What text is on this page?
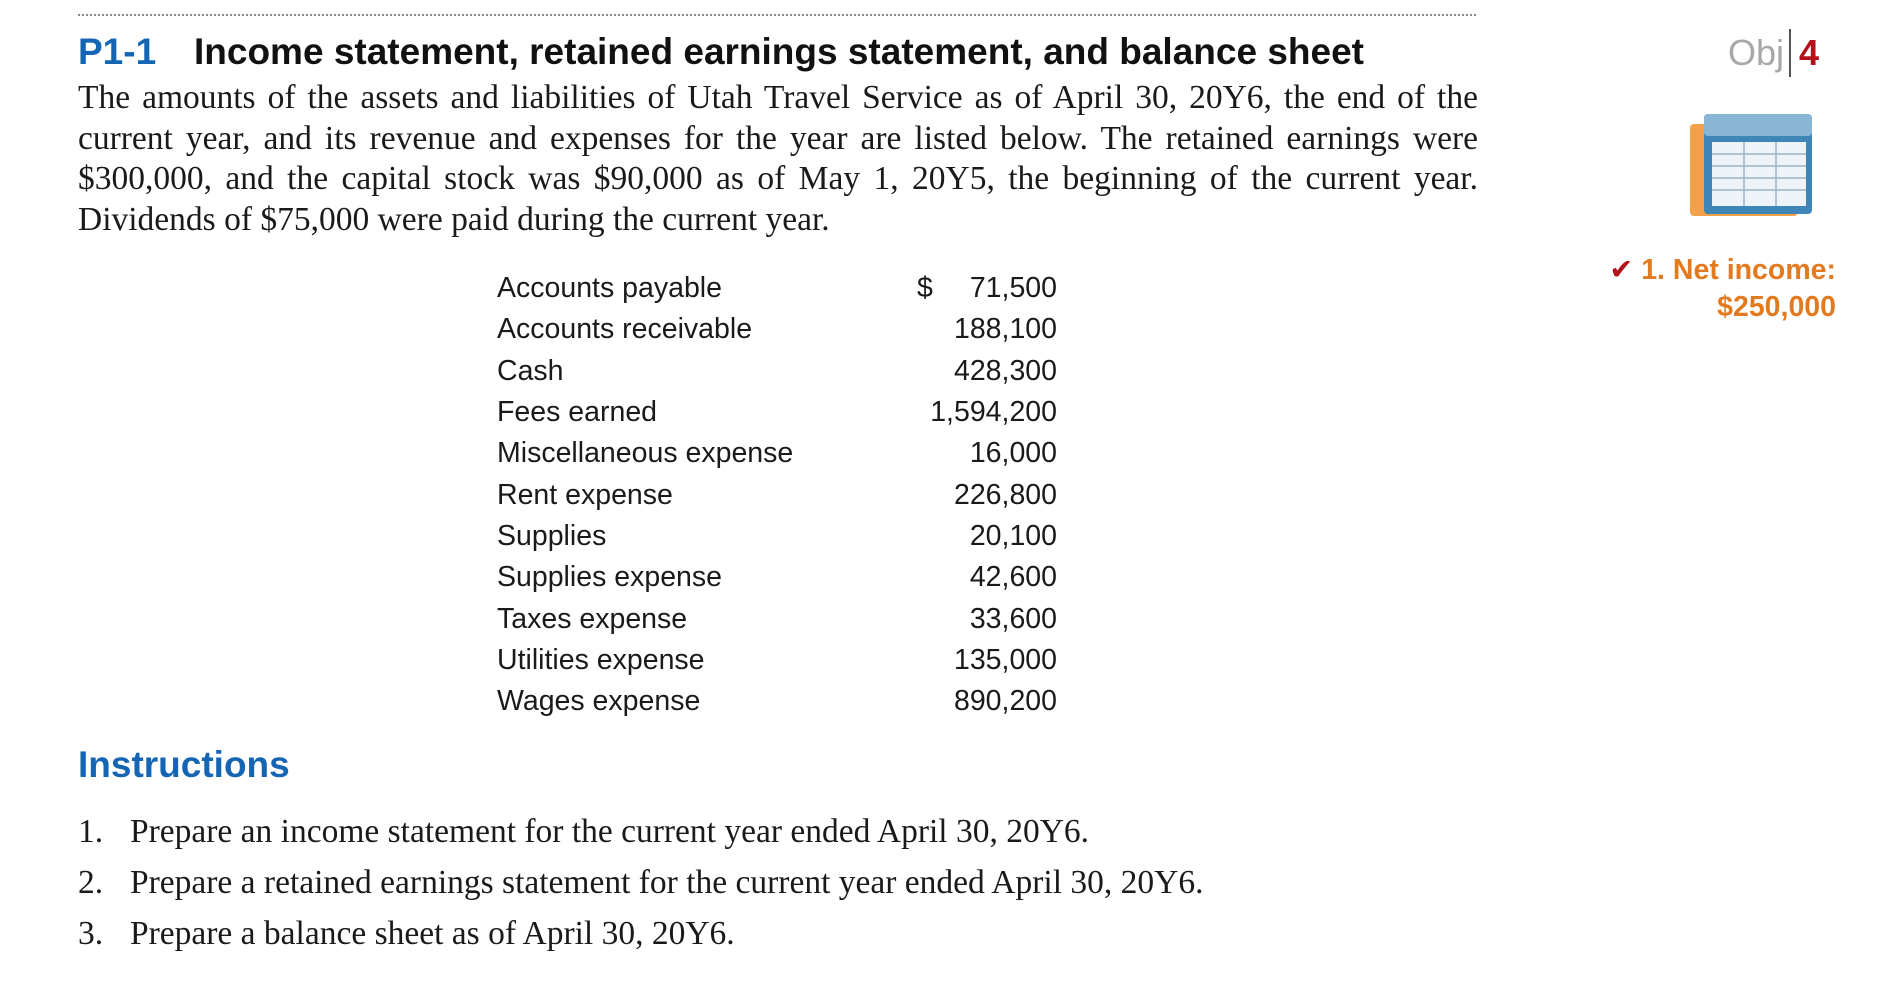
P1-1 Income statement, retained earnings statement, and balance sheet
The amounts of the assets and liabilities of Utah Travel Service as of April 30, 20Y6, the end of the current year, and its revenue and expenses for the year are listed below. The retained earnings were $300,000, and the capital stock was $90,000 as of May 1, 20Y5, the beginning of the current year. Dividends of $75,000 were paid during the current year.
Accounts payable	$ 71,500
Accounts receivable	188,100
Cash	428,300
Fees earned	1,594,200
Miscellaneous expense	16,000
Rent expense	226,800
Supplies	20,100
Supplies expense	42,600
Taxes expense	33,600
Utilities expense	135,000
Wages expense	890,200
Instructions
1. Prepare an income statement for the current year ended April 30, 20Y6.
2. Prepare a retained earnings statement for the current year ended April 30, 20Y6.
3. Prepare a balance sheet as of April 30, 20Y6.
Obj 4
✔ 1. Net income:
$250,000
